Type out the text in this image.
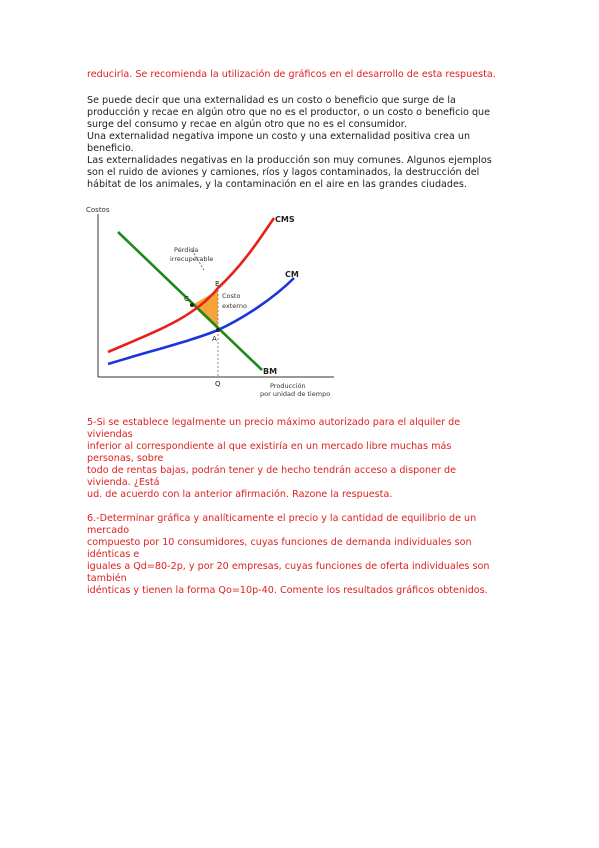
reducirla. Se recomienda la utilización de gráficos en el desarrollo de esta respuesta.

Se puede decir que una externalidad es un costo o beneficio que surge de la
producción y recae en algún otro que no es el productor, o un costo o beneficio que
surge del consumo y recae en algún otro que no es el consumidor.
Una externalidad negativa impone un costo y una externalidad positiva crea un
beneficio.
Las externalidades negativas en la producción son muy comunes. Algunos ejemplos
son el ruido de aviones y camiones, ríos y lagos contaminados, la destrucción del
hábitat de los animales, y la contaminación en el aire en las grandes ciudades.
Costos
CMS
CM
BM
Pérdida
irrecuperable
Costo
externo
C
E
A
Q	Producción
por unidad de tiempo
5-Si se establece legalmente un precio máximo autorizado para el alquiler de
viviendas
inferior al correspondiente al que existiría en un mercado libre muchas más
personas, sobre
todo de rentas bajas, podrán tener y de hecho tendrán acceso a disponer de
vivienda. ¿Está
ud. de acuerdo con la anterior afirmación. Razone la respuesta.
6.-Determinar gráfica y analíticamente el precio y la cantidad de equilibrio de un
mercado
compuesto por 10 consumidores, cuyas funciones de demanda individuales son
idénticas e
iguales a Qd=80-2p, y por 20 empresas, cuyas funciones de oferta individuales son
también
idénticas y tienen la forma Qo=10p-40. Comente los resultados gráficos obtenidos.
